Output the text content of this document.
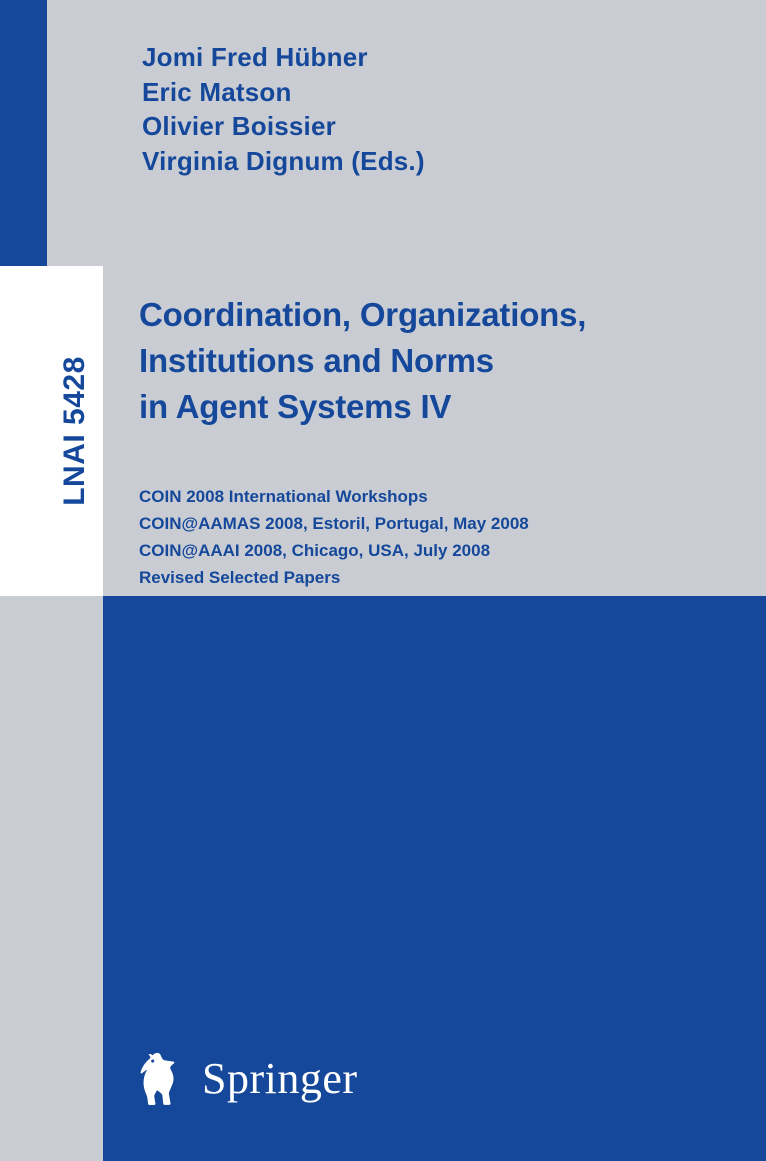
LNAI 5428
Jomi Fred Hübner
Eric Matson
Olivier Boissier
Virginia Dignum (Eds.)
Coordination, Organizations,
Institutions and Norms
in Agent Systems IV
COIN 2008 International Workshops
COIN@AAMAS 2008, Estoril, Portugal, May 2008
COIN@AAAI 2008, Chicago, USA, July 2008
Revised Selected Papers
Springer
